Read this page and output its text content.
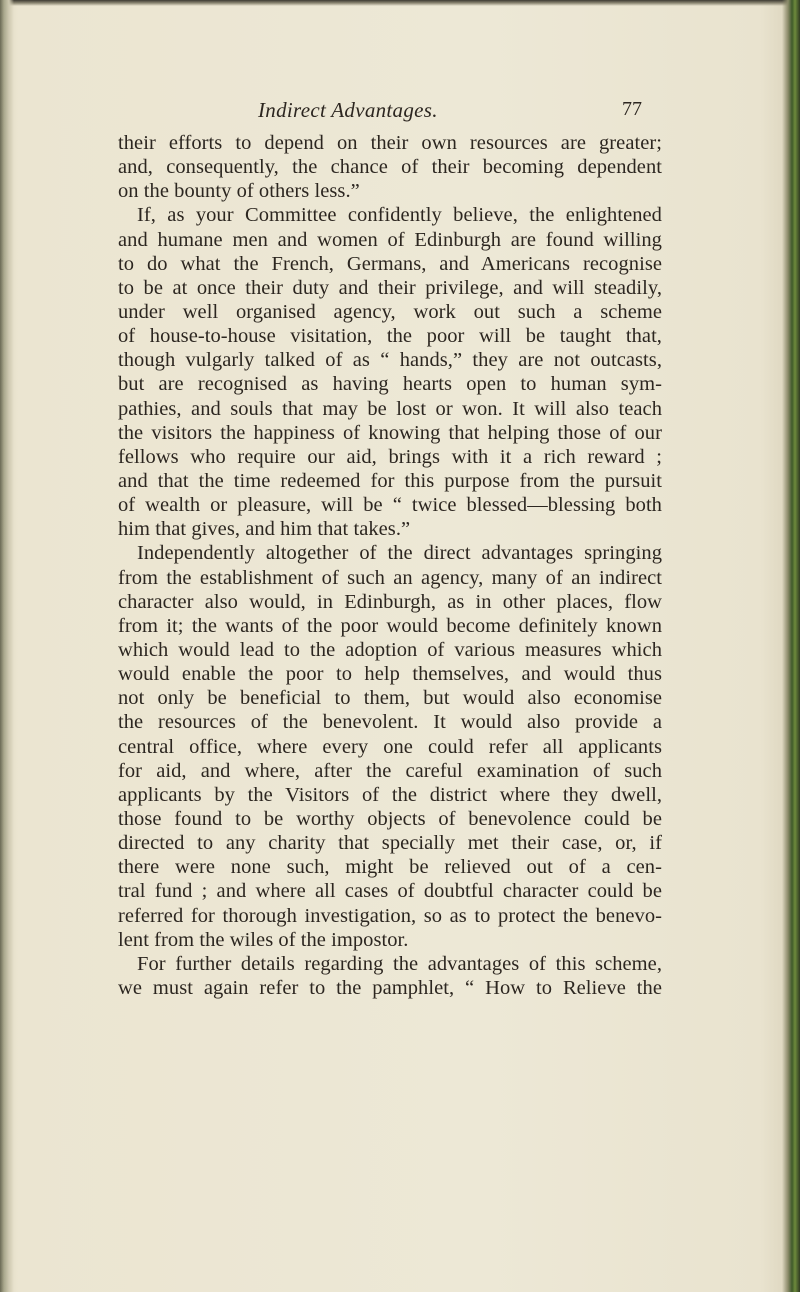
Indirect Advantages.	77
their efforts to depend on their own resources are greater;
and, consequently, the chance of their becoming dependent
on the bounty of others less.”
If, as your Committee confidently believe, the enlightened
and humane men and women of Edinburgh are found willing
to do what the French, Germans, and Americans recognise
to be at once their duty and their privilege, and will steadily,
under well organised agency, work out such a scheme
of house-to-house visitation, the poor will be taught that,
though vulgarly talked of as “ hands,” they are not outcasts,
but are recognised as having hearts open to human sym-
pathies, and souls that may be lost or won. It will also teach
the visitors the happiness of knowing that helping those of our
fellows who require our aid, brings with it a rich reward ;
and that the time redeemed for this purpose from the pursuit
of wealth or pleasure, will be “ twice blessed—blessing both
him that gives, and him that takes.”
Independently altogether of the direct advantages springing
from the establishment of such an agency, many of an indirect
character also would, in Edinburgh, as in other places, flow
from it; the wants of the poor would become definitely known
which would lead to the adoption of various measures which
would enable the poor to help themselves, and would thus
not only be beneficial to them, but would also economise
the resources of the benevolent. It would also provide a
central office, where every one could refer all applicants
for aid, and where, after the careful examination of such
applicants by the Visitors of the district where they dwell,
those found to be worthy objects of benevolence could be
directed to any charity that specially met their case, or, if
there were none such, might be relieved out of a cen-
tral fund ; and where all cases of doubtful character could be
referred for thorough investigation, so as to protect the benevo-
lent from the wiles of the impostor.
For further details regarding the advantages of this scheme,
we must again refer to the pamphlet, “ How to Relieve the
